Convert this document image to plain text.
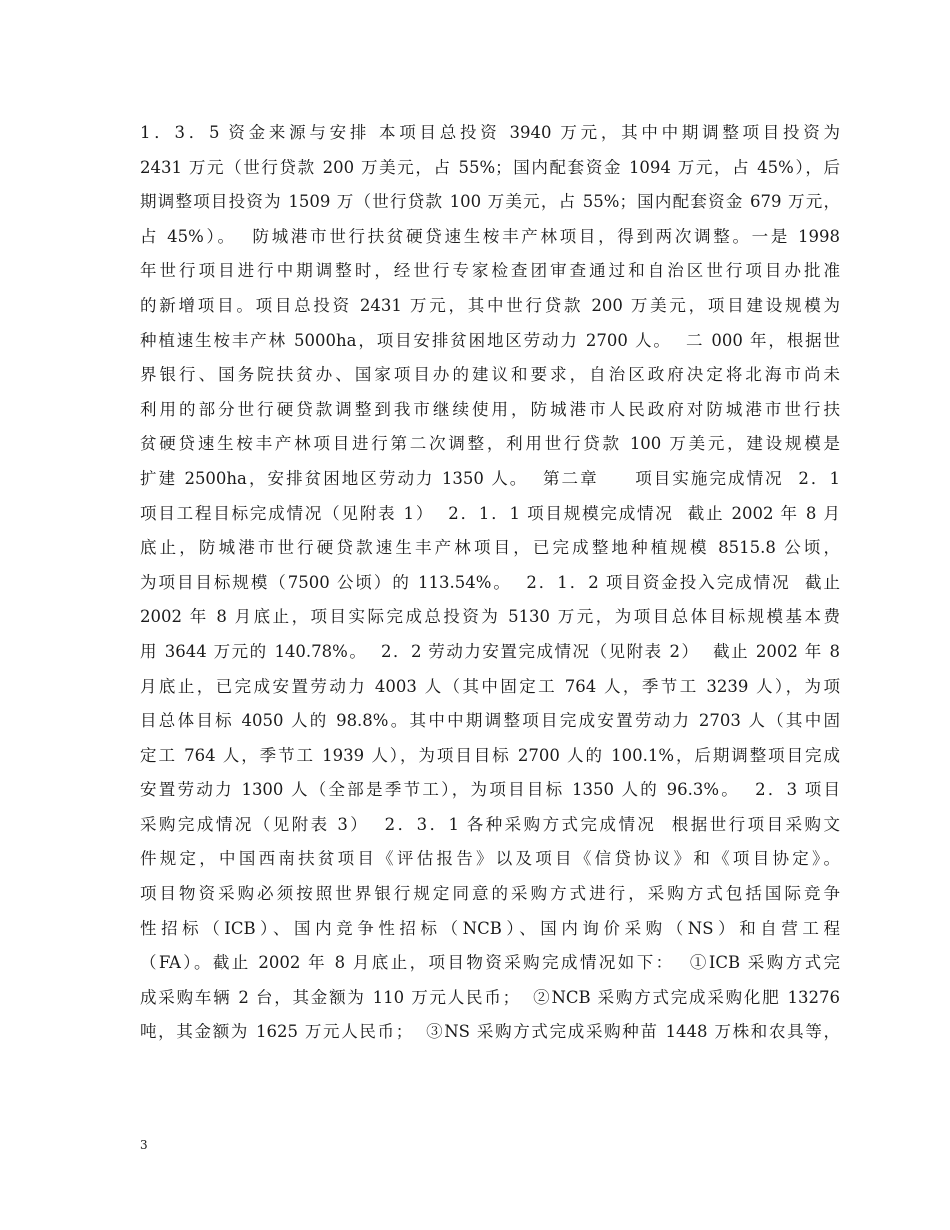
1．3．5 资金来源与安排 本项目总投资 3940 万元，其中中期调整项目投资为
2431 万元（世行贷款 200 万美元，占 55%；国内配套资金 1094 万元，占 45%），后
期调整项目投资为 1509 万（世行贷款 100 万美元，占 55%；国内配套资金 679 万元，
占 45%）。  防城港市世行扶贫硬贷速生桉丰产林项目，得到两次调整。一是 1998
年世行项目进行中期调整时，经世行专家检查团审查通过和自治区世行项目办批准
的新增项目。项目总投资 2431 万元，其中世行贷款 200 万美元，项目建设规模为
种植速生桉丰产林 5000ha，项目安排贫困地区劳动力 2700 人。  二 000 年，根据世
界银行、国务院扶贫办、国家项目办的建议和要求，自治区政府决定将北海市尚未
利用的部分世行硬贷款调整到我市继续使用，防城港市人民政府对防城港市世行扶
贫硬贷速生桉丰产林项目进行第二次调整，利用世行贷款 100 万美元，建设规模是
扩建 2500ha，安排贫困地区劳动力 1350 人。  第二章     项目实施完成情况  2．1
项目工程目标完成情况（见附表 1）  2．1．1 项目规模完成情况  截止 2002 年 8 月
底止，防城港市世行硬贷款速生丰产林项目，已完成整地种植规模 8515.8 公顷，
为项目目标规模（7500 公顷）的 113.54%。  2．1．2 项目资金投入完成情况  截止
2002 年 8 月底止，项目实际完成总投资为 5130 万元，为项目总体目标规模基本费
用 3644 万元的 140.78%。  2．2 劳动力安置完成情况（见附表 2）  截止 2002 年 8
月底止，已完成安置劳动力 4003 人（其中固定工 764 人，季节工 3239 人），为项
目总体目标 4050 人的 98.8%。其中中期调整项目完成安置劳动力 2703 人（其中固
定工 764 人，季节工 1939 人），为项目目标 2700 人的 100.1%，后期调整项目完成
安置劳动力 1300 人（全部是季节工），为项目目标 1350 人的 96.3%。  2．3 项目
采购完成情况（见附表 3）  2．3．1 各种采购方式完成情况  根据世行项目采购文
件规定，中国西南扶贫项目《评估报告》以及项目《信贷协议》和《项目协定》。
项目物资采购必须按照世界银行规定同意的采购方式进行，采购方式包括国际竞争
性招标（ICB）、国内竞争性招标（NCB）、国内询价采购（NS）和自营工程
（FA）。截止 2002 年 8 月底止，项目物资采购完成情况如下：  ①ICB 采购方式完
成采购车辆 2 台，其金额为 110 万元人民币；  ②NCB 采购方式完成采购化肥 13276
吨，其金额为 1625 万元人民币；  ③NS 采购方式完成采购种苗 1448 万株和农具等，
3
